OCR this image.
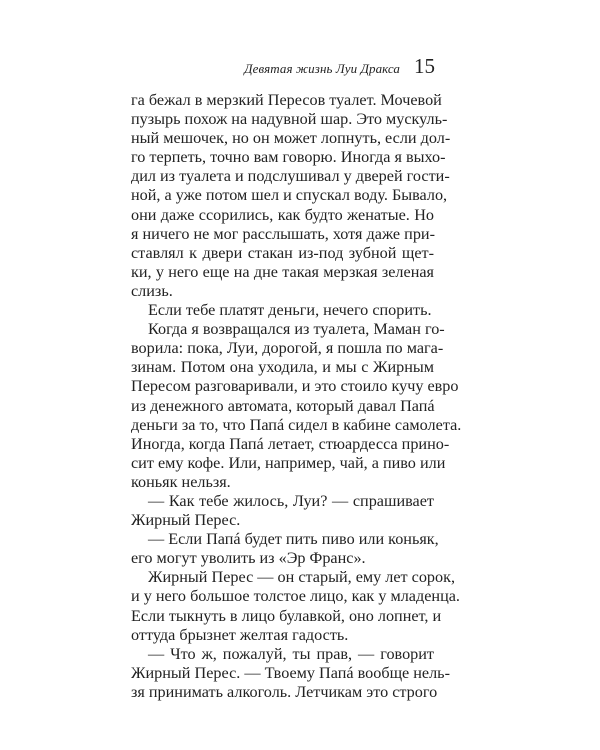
Девятая жизнь Луи Дракса 15
га бежал в мерзкий Пересов туалет. Мочевой
пузырь похож на надувной шар. Это мускуль-
ный мешочек, но он может лопнуть, если дол-
го терпеть, точно вам говорю. Иногда я выхо-
дил из туалета и подслушивал у дверей гости-
ной, а уже потом шел и спускал воду. Бывало,
они даже ссорились, как будто женатые. Но
я ничего не мог расслышать, хотя даже при-
ставлял к двери стакан из-под зубной щет-
ки, у него еще на дне такая мерзкая зеленая
слизь.
Если тебе платят деньги, нечего спорить.
Когда я возвращался из туалета, Маман го-
ворила: пока, Луи, дорогой, я пошла по мага-
зинам. Потом она уходила, и мы с Жирным
Пересом разговаривали, и это стоило кучу евро
из денежного автомата, который давал Папá
деньги за то, что Папá сидел в кабине самолета.
Иногда, когда Папá летает, стюардесса прино-
сит ему кофе. Или, например, чай, а пиво или
коньяк нельзя.
— Как тебе жилось, Луи? — спрашивает
Жирный Перес.
— Если Папá будет пить пиво или коньяк,
его могут уволить из «Эр Франс».
Жирный Перес — он старый, ему лет сорок,
и у него большое толстое лицо, как у младенца.
Если тыкнуть в лицо булавкой, оно лопнет, и
оттуда брызнет желтая гадость.
— Что ж, пожалуй, ты прав, — говорит
Жирный Перес. — Твоему Папá вообще нель-
зя принимать алкоголь. Летчикам это строго
